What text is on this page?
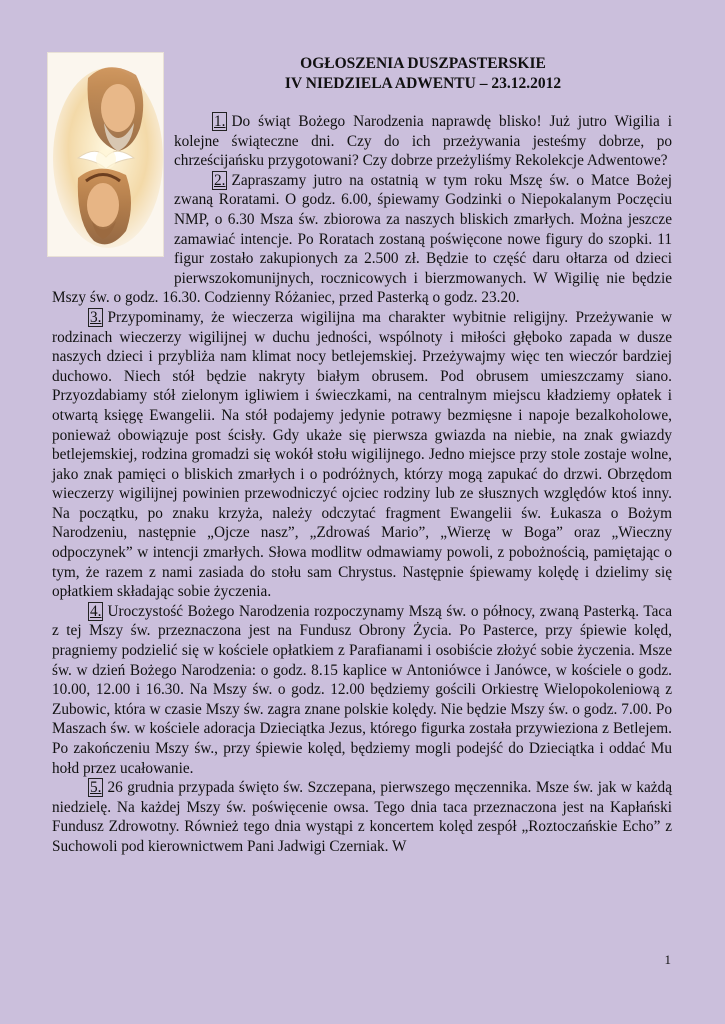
OGŁOSZENIA DUSZPASTERSKIE
IV NIEDZIELA ADWENTU – 23.12.2012

1. Do świąt Bożego Narodzenia naprawdę blisko! Już jutro Wigilia i kolejne świąteczne dni. Czy do ich przeżywania jesteśmy dobrze, po chrześcijańsku przygotowani? Czy dobrze przeżyliśmy Rekolekcje Adwentowe?

2. Zapraszamy jutro na ostatnią w tym roku Mszę św. o Matce Bożej zwaną Roratami. O godz. 6.00, śpiewamy Godzinki o Niepokalanym Poczęciu NMP, o 6.30 Msza św. zbiorowa za naszych bliskich zmarłych. Można jeszcze zamawiać intencje. Po Roratach zostaną poświęcone nowe figury do szopki. 11 figur zostało zakupionych za 2.500 zł. Będzie to część daru ołtarza od dzieci pierwszokomunijnych, rocznicowych i bierzmowanych. W Wigilię nie będzie Mszy św. o godz. 16.30. Codzienny Różaniec, przed Pasterką o godz. 23.20.

3. Przypominamy, że wieczerza wigilijna ma charakter wybitnie religijny. Przeżywanie w rodzinach wieczerzy wigilijnej w duchu jedności, wspólnoty i miłości głęboko zapada w dusze naszych dzieci i przybliża nam klimat nocy betlejemskiej. Przeżywajmy więc ten wieczór bardziej duchowo. Niech stół będzie nakryty białym obrusem. Pod obrusem umieszczamy siano. Przyozdabiamy stół zielonym igliwiem i świeczkami, na centralnym miejscu kładziemy opłatek i otwartą księgę Ewangelii. Na stół podajemy jedynie potrawy bezmięsne i napoje bezalkoholowe, ponieważ obowiązuje post ścisły. Gdy ukaże się pierwsza gwiazda na niebie, na znak gwiazdy betlejemskiej, rodzina gromadzi się wokół stołu wigilijnego. Jedno miejsce przy stole zostaje wolne, jako znak pamięci o bliskich zmarłych i o podróżnych, którzy mogą zapukać do drzwi. Obrzędom wieczerzy wigilijnej powinien przewodniczyć ojciec rodziny lub ze słusznych względów ktoś inny. Na początku, po znaku krzyża, należy odczytać fragment Ewangelii św. Łukasza o Bożym Narodzeniu, następnie „Ojcze nasz”, „Zdrowaś Mario”, „Wierzę w Boga” oraz „Wieczny odpoczynek” w intencji zmarłych. Słowa modlitw odmawiamy powoli, z pobożnością, pamiętając o tym, że razem z nami zasiada do stołu sam Chrystus. Następnie śpiewamy kolędę i dzielimy się opłatkiem składając sobie życzenia.

4. Uroczystość Bożego Narodzenia rozpoczynamy Mszą św. o północy, zwaną Pasterką. Taca z tej Mszy św. przeznaczona jest na Fundusz Obrony Życia. Po Pasterce, przy śpiewie kolęd, pragniemy podzielić się w kościele opłatkiem z Parafianami i osobiście złożyć sobie życzenia. Msze św. w dzień Bożego Narodzenia: o godz. 8.15 kaplice w Antoniówce i Janówce, w kościele o godz. 10.00, 12.00 i 16.30. Na Mszy św. o godz. 12.00 będziemy gościli Orkiestrę Wielopokoleniową z Zubowic, która w czasie Mszy św. zagra znane polskie kolędy. Nie będzie Mszy św. o godz. 7.00. Po Maszach św. w kościele adoracja Dzieciątka Jezus, którego figurka została przywieziona z Betlejem. Po zakończeniu Mszy św., przy śpiewie kolęd, będziemy mogli podejść do Dzieciątka i oddać Mu hołd przez ucałowanie.

5. 26 grudnia przypada święto św. Szczepana, pierwszego męczennika. Msze św. jak w każdą niedzielę. Na każdej Mszy św. poświęcenie owsa. Tego dnia taca przeznaczona jest na Kapłański Fundusz Zdrowotny. Również tego dnia wystąpi z koncertem kolęd zespół „Roztoczańskie Echo” z Suchowoli pod kierownictwem Pani Jadwigi Czerniak. W

1
